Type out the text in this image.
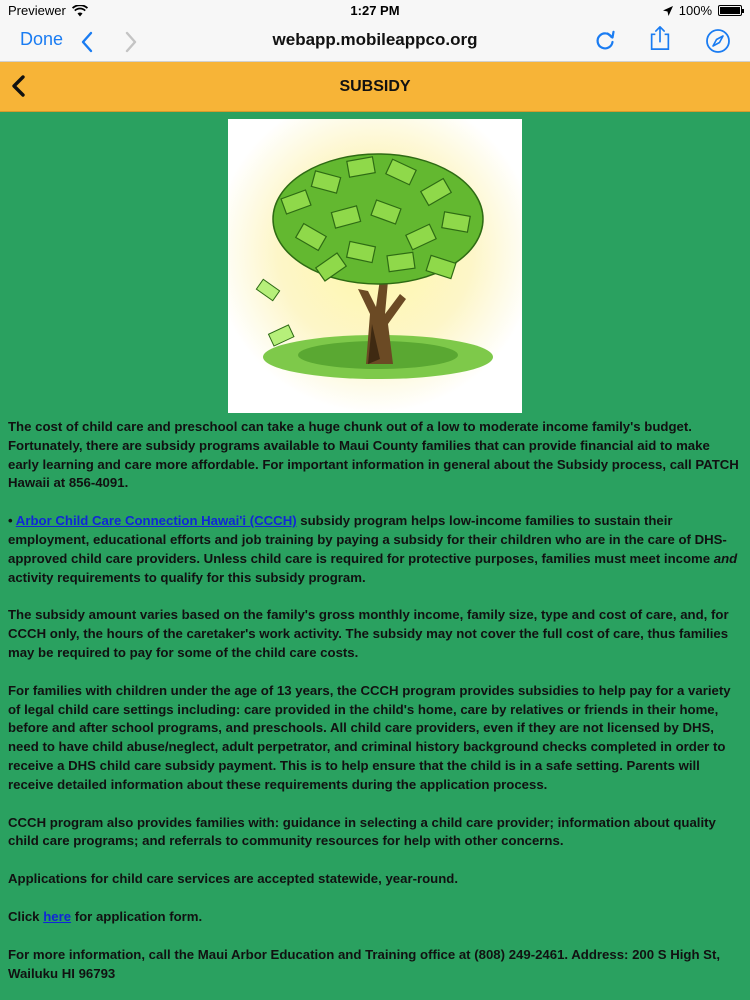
Previewer	1:27 PM	100%
Done	webapp.mobileappco.org
SUBSIDY

The cost of child care and preschool can take a huge chunk out of a low to moderate income family's budget. Fortunately, there are subsidy programs available to Maui County families that can provide financial aid to make early learning and care more affordable. For important information in general about the Subsidy process, call PATCH Hawaii at 856-4091.

• Arbor Child Care Connection Hawai'i (CCCH) subsidy program helps low-income families to sustain their employment, educational efforts and job training by paying a subsidy for their children who are in the care of DHS-approved child care providers. Unless child care is required for protective purposes, families must meet income and activity requirements to qualify for this subsidy program.

The subsidy amount varies based on the family's gross monthly income, family size, type and cost of care, and, for CCCH only, the hours of the caretaker's work activity. The subsidy may not cover the full cost of care, thus families may be required to pay for some of the child care costs.

For families with children under the age of 13 years, the CCCH program provides subsidies to help pay for a variety of legal child care settings including: care provided in the child's home, care by relatives or friends in their home, before and after school programs, and preschools. All child care providers, even if they are not licensed by DHS, need to have child abuse/neglect, adult perpetrator, and criminal history background checks completed in order to receive a DHS child care subsidy payment. This is to help ensure that the child is in a safe setting. Parents will receive detailed information about these requirements during the application process.

CCCH program also provides families with: guidance in selecting a child care provider; information about quality child care programs; and referrals to community resources for help with other concerns.

Applications for child care services are accepted statewide, year-round.

Click here for application form.

For more information, call the Maui Arbor Education and Training office at (808) 249-2461. Address: 200 S High St, Wailuku HI 96793
